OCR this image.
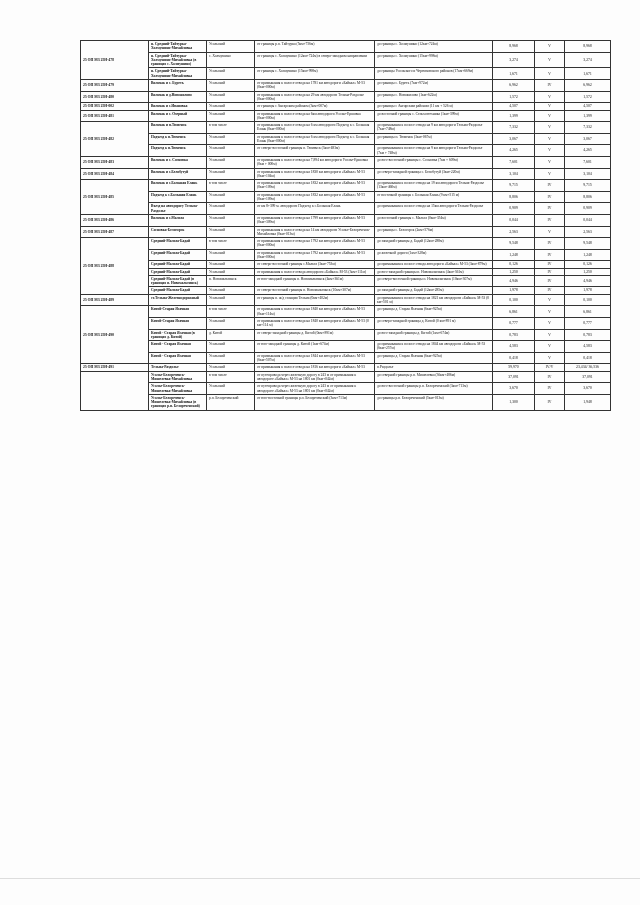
25 ОП МЗ 25Н-478	н. Средний-Тайтурка-Холмушино-Михайловка	Усольский	от границы р.п. Тайтурка (5км+756м)	до границы с. Холмушино (12км+724м)	8,968	V	8,968
	н. Средний-Тайтурка-Холмушино-Михайловка (в границах с. Холмушино)	с. Холмушино	от границы с. Холмушино (12км+724м) в северо-западном направлении	до границы с. Холмушино (15км+998м)	3,274	V	3,274
	н. Средний-Тайтурка-Холмушино-Михайловка	Усольский	от границы с. Холмушино (15км+998м)	до границы Усольского и Черемховского районов (17км+669м)	1,671	V	1,671
25 ОП МЗ 25Н-479	Вильчак и с. Буреть	Усольский	от примыкания к полосе отвода на 1781 км автодороги «Байкал» М-53 (0км+000м)	до границы с. Буреть (7км+972м)	6,962	IV	6,962
25 ОП МЗ 25Н-480	Вильчак и д.Новожилово	Усольский	от примыкания к полосе отвода на 29 км автодороги Тельма-Раздолье (0км+000м)	до границы с. Новожилово (1км+622м)	1,572	V	1,572
25 ОП МЗ 25Н-002	Вильчак и с.Ивановка	Усольский	от границы с Ангарским районом (3км+007м)	до границы с Ангарским районом (11 км + 526 м)	4,507	V	4,507
25 ОП МЗ 25Н-481	Вильчак и с. Озерный	Усольский	от примыкания к полосе отвода на 6км автодороги Усолье-Ершовка (0км+000м)	до восточной границы с. Сельхозтехника (1км+399м)	1,399	V	1,399
25 ОП МЗ 25Н-482	Вильчак и п.Тюменск	в том числе	от примыкания к полосе отвода на 6 км автодороги Подъезд к с. Большая Елань (0км+000м)	до примыкания к полосе отвода на 9 км автодороги Тельма-Раздолье (7км+748м)	7,332	V	7,332
	Подъезд к п.Тюменск	Усольский	от примыкания к полосе отвода на 6 км автодороги Подъезд к с. Большая Елань (0км+000м)	до границы п. Тюменск (3км+067м)	3,067	V	3,067
	Подъезд к п.Тюменск	Усольский	от северо-восточной границы п. Тюменск (3км+483м)	до примыкания к полосе отвода на 9 км автодороги Тельма-Раздолье (7км + 748м)	4,265	V	4,265
25 ОП МЗ 25Н-483	Вильчак и с. Сосновка	Усольский	от примыкания к полосе отвода на 7,894 км автодороги Усолье-Ершовка (0км + 000м)	до юго-восточной границы с. Сосновка (7км + 609м)	7,601	V	7,601
25 ОП МЗ 25Н-484	Вильчак и с.Белобутуй	Усольский	от примыкания к полосе отвода на 1830 км автодороги «Байкал» М-53 (0км+104м)	до северо-западной границы с. Белобутуй (3км+220м)	3,104	V	3,104
25 ОП МЗ 25Н-485	Вильчак и с.Большая Елань	в том числе	от примыкания к полосе отвода на 1832 км автодороги «Байкал» М-53 (0км+109м)	до примыкания к полосе отвода на 19 км автодороги Тельма-Раздолье (13км+460м)	9,715	IV	9,715
	Подъезд к с.Большая Елань	Усольский	от примыкания к полосе отвода на 1832 км автодороги «Байкал» М-53 (0км+109м)	от восточной границы с. Большая Елань (9 км+515 м)	8,806	IV	8,806
	Въезд на автодорогу Тельма-Раздолье	Усольский	от км 8+399 м. автодороги Подъезд к с.Большая Елань	до примыкания к полосе отвода на 15км автодороги Тельма-Раздолье	0,909	IV	0,909
25 ОП МЗ 25Н-486	Вильчак и с.Мальта	Усольский	от примыкания к полосе отвода на 1799 км автодороги «Байкал» М-53 (0км+309м)	до восточной границы с. Мальта (0км+354м)	0,044	IV	0,044
25 ОП МЗ 25Н-487	Сосновка-Белогорск	Усольский	от примыкания к полосе отвода на 14 км автодороги Усолье-Белореченск-Михайловка (0км+013м)	до границы с. Белогорск (2км+576м)	2,563	V	2,563
25 ОП МЗ 25Н-488	Средний-Мальта-Бадай	в том числе	от примыкания к полосе отвода на 1792 км автодороги «Байкал» М-53 (0км+000м)	до западной границы д. Бадай (12км+288м)	9,548	IV	9,548
	Средний-Мальта-Бадай	Усольский	от примыкания к полосе отвода на 1792 км автодороги «Байкал» М-53 (0км+000м)	до железной дороги (1км+328м)	1,248	IV	1,248
	Средний-Мальта-Бадай	Усольский	от северо-восточной границы с.Мальта (3км+753м)	до примыкания к полосе отвода автодороги «Байкал» М-53 (3км+879м)	0,126	IV	0,126
	Средний-Мальта-Бадай	Усольский	от примыкания к полосе отвода автодороги «Байкал» М-53 (3км+111м)	до юго-западной границы п. Новомальтинск (4км+361м)	1,250	IV	1,250
	Средний-Мальта-Бадай (в границах п. Новомальтинск)	п. Новомальтинск	от юго-западной границы п. Новомальтинск (4км+361м)	до северо-восточной границы п. Новомальтинск (10км+307м)	4,946	IV	4,946
	Средний-Мальта-Бадай	Усольский	от северо-восточной границы п. Новомальтинск (10км+307м)	до западной границы д. Бадай (12км+285м)	1,978	IV	1,978
25 ОП МЗ 25Н-489	ст.Тельма-Железнодорожный	Усольский	от границы п. ж/д станции Тельма (0км+402м)	до примыкания к полосе отвода на 1821 км автодороги «Байкал» М-53 (0 км+501 м)	0,100	V	0,100
25 ОП МЗ 25Н-490	Китой-Старая Ясачная	в том числе	от примыкания к полосе отвода на 1840 км автодороги «Байкал» М-53 (0км+114м)	до границы д. Старая Ясачная (6км+925м)	6,861	V	6,861
	Китой-Старая Ясачная	Усольский	от примыкания к полосе отвода на 1840 км автодороги «Байкал» М-53 (0 км+114 м)	до северо-западной границы д. Китой (0 км+891 м)	0,777	V	0,777
	Китой - Старая Ясачная (в границах д. Китой)	д. Китой	от северо-западной границы д. Китой (0км+891м)	до юго-западной границы д. Китой (1км+674м)	0,783	V	0,783
	Китой - Старая Ясачная	Усольский	от юго-западной границы д. Китой (1км+674м)	до примыкания к полосе отвода на 1844 км автодороги «Байкал» М-53 (6км+257м)	4,583	V	4,583
	Китой - Старая Ясачная	Усольский	от примыкания к полосе отвода на 1844 км автодороги «Байкал» М-53 (6км+507м)	до границы д. Старая Ясачная (6км+925м)	0,418	V	0,418
25 ОП МЗ 25Н-491	Тельма-Раздолье	Усольский	от примыкания к полосе отвода на 1816 км автодороги «Байкал» М-53	п.Раздолье	59,970	IV/V	23,434/ 36,536
	Усолье-Белореченск-Мишелевка-Михайловка	в том числе	от путепровода через железную дорогу в 243 м от примыкания к автодороге «Байкал» М-53 на 1801 км (0км+042м)	до северной границы р.п. Мишелевка (36км+486м)	37,091	IV	37,091
	Усолье-Белореченск-Мишелевка-Михайловка	Усольский	от путепровода через железную дорогу в 243 м от примыкания к автодороге «Байкал» М-53 на 1801 км (0км+042м)	до юго-восточной границы р.п. Белореченский (3км+713м)	3,670	IV	3,670
	Усолье-Белореченск-Мишелевка-Михайловка (в границах р.п. Белореченский)	р.п. Белореченский	от юго-восточной границы р.п. Белореченский (3км+713м)	до границы р.п. Белореченский (5км+013м)	1,300	IV	1,948
